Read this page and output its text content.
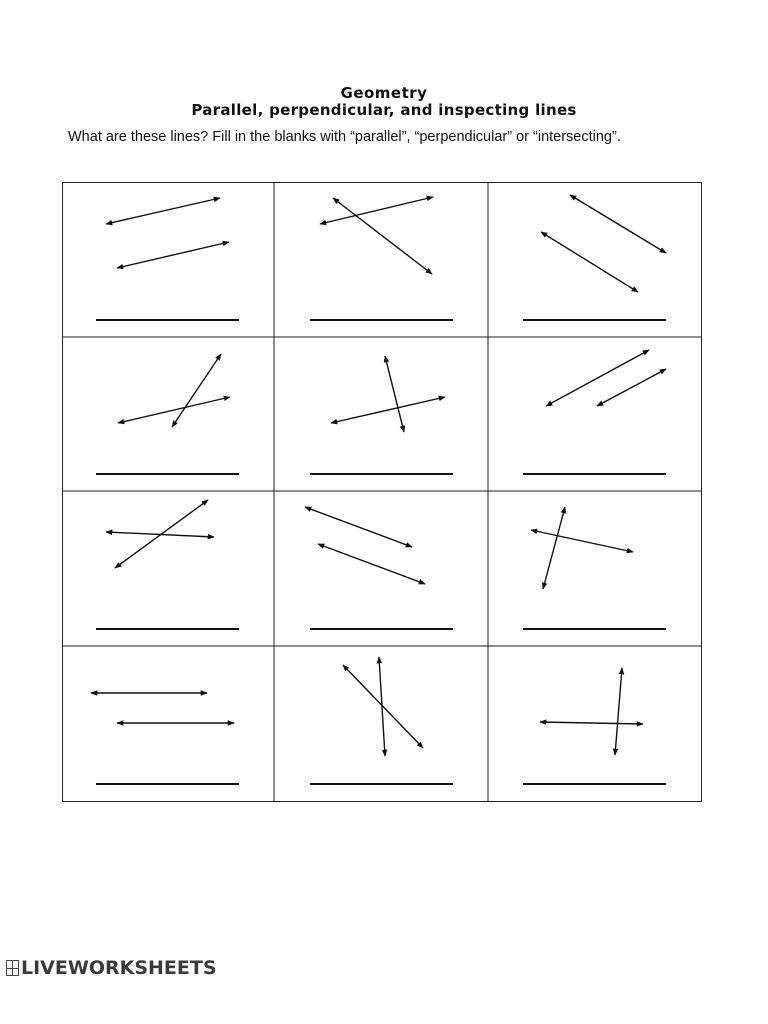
Geometry
Parallel, perpendicular, and inspecting lines
What are these lines? Fill in the blanks with “parallel”, “perpendicular” or “intersecting”.
LIVEWORKSHEETS
